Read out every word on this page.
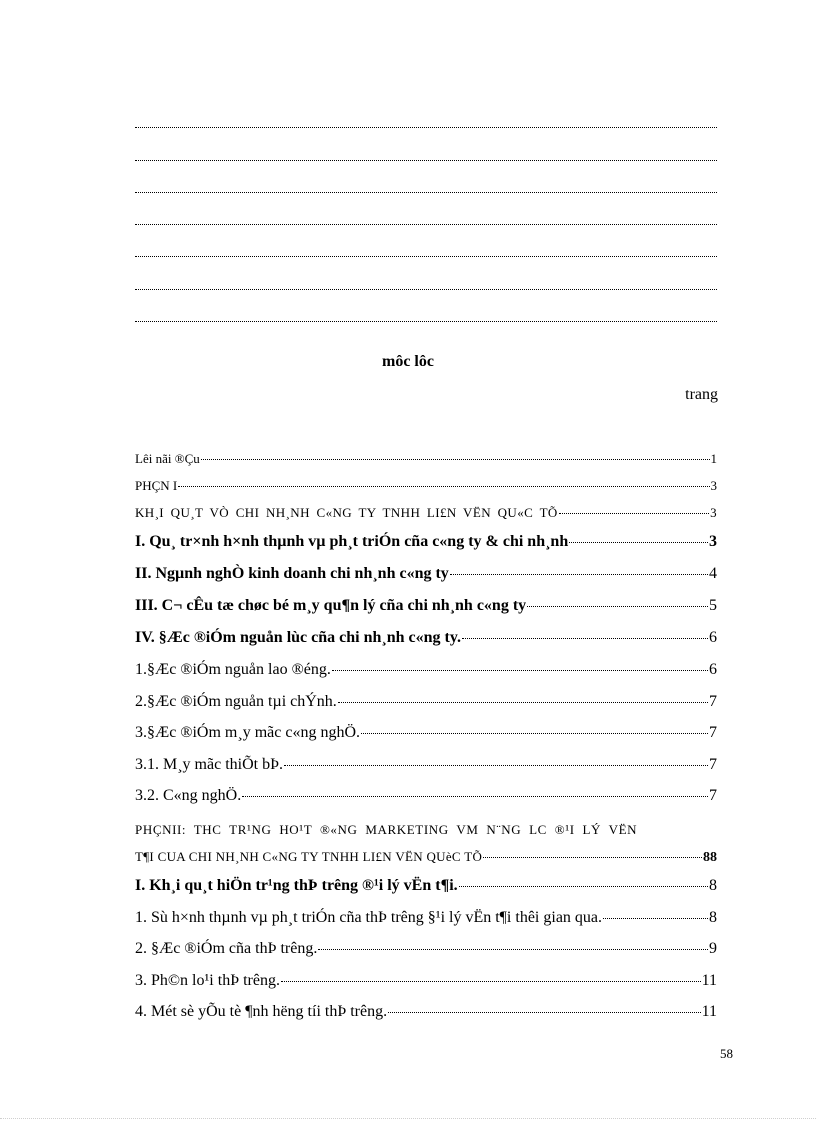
môc lôc
trang
Lêi nãi ®Çu	1
PHÇN I	3
KH¸I QU¸T VÒ CHI NH¸NH C«NG TY TNHH LI£N VËN QU«C TÕ	3
I. Qu¸ tr×nh h×nh thµnh vµ ph¸t triÓn cña c«ng ty & chi nh¸nh	3
II. Ngµnh nghÒ kinh doanh chi nh¸nh c«ng ty	4
III. C¬ cÊu tæ chøc bé m¸y qu¶n lý cña chi nh¸nh c«ng ty	5
IV. §Æc ®iÓm nguån lùc cña chi nh¸nh c«ng ty.	6
1.§Æc ®iÓm nguån lao ®éng.	6
2.§Æc ®iÓm nguån tµi chÝnh.	7
3.§Æc ®iÓm m¸y mãc c«ng nghÖ.	7
3.1. M¸y mãc thiÕt bÞ.	7
3.2. C«ng nghÖ.	7
PHÇNII: THC TR¹NG HO¹T ®«NG MARKETING VM N¨NG LC ®¹I LÝ VËN
T¶I CUA CHI NH¸NH C«NG TY TNHH LI£N VËN QUèC TÕ	88
I. Kh¸i qu¸t hiÖn tr¹ng thÞ trêng ®¹i lý vËn t¶i.	8
1. Sù h×nh thµnh vµ ph¸t triÓn cña thÞ trêng §¹i lý vËn t¶i thêi gian qua.	8
2. §Æc ®iÓm cña thÞ trêng.	9
3. Ph©n lo¹i thÞ trêng.	11
4. Mét sè yÕu tè ¶nh hëng tíi thÞ trêng.	11
58
